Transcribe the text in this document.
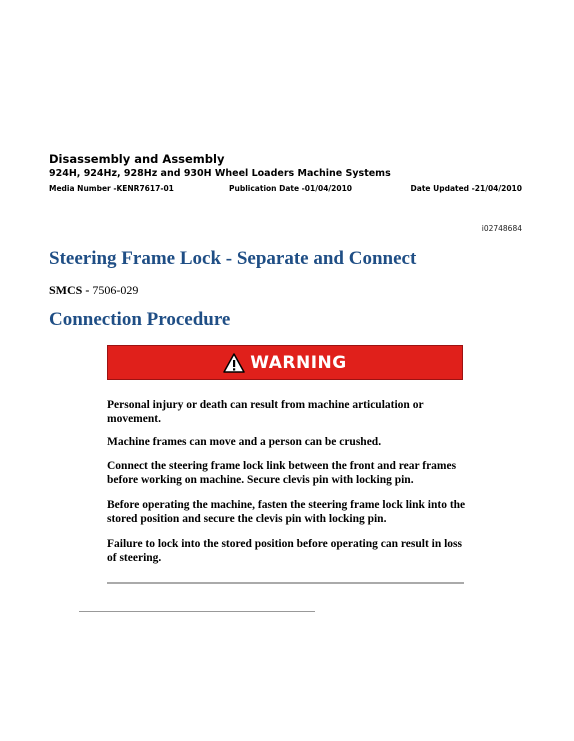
Disassembly and Assembly
924H, 924Hz, 928Hz and 930H Wheel Loaders Machine Systems
Media Number -KENR7617-01	Publication Date -01/04/2010	Date Updated -21/04/2010
i02748684
Steering Frame Lock - Separate and Connect
SMCS - 7506-029
Connection Procedure
WARNING

Personal injury or death can result from machine articulation or movement.

Machine frames can move and a person can be crushed.

Connect the steering frame lock link between the front and rear frames before working on machine. Secure clevis pin with locking pin.

Before operating the machine, fasten the steering frame lock link into the stored position and secure the clevis pin with locking pin.

Failure to lock into the stored position before operating can result in loss of steering.
